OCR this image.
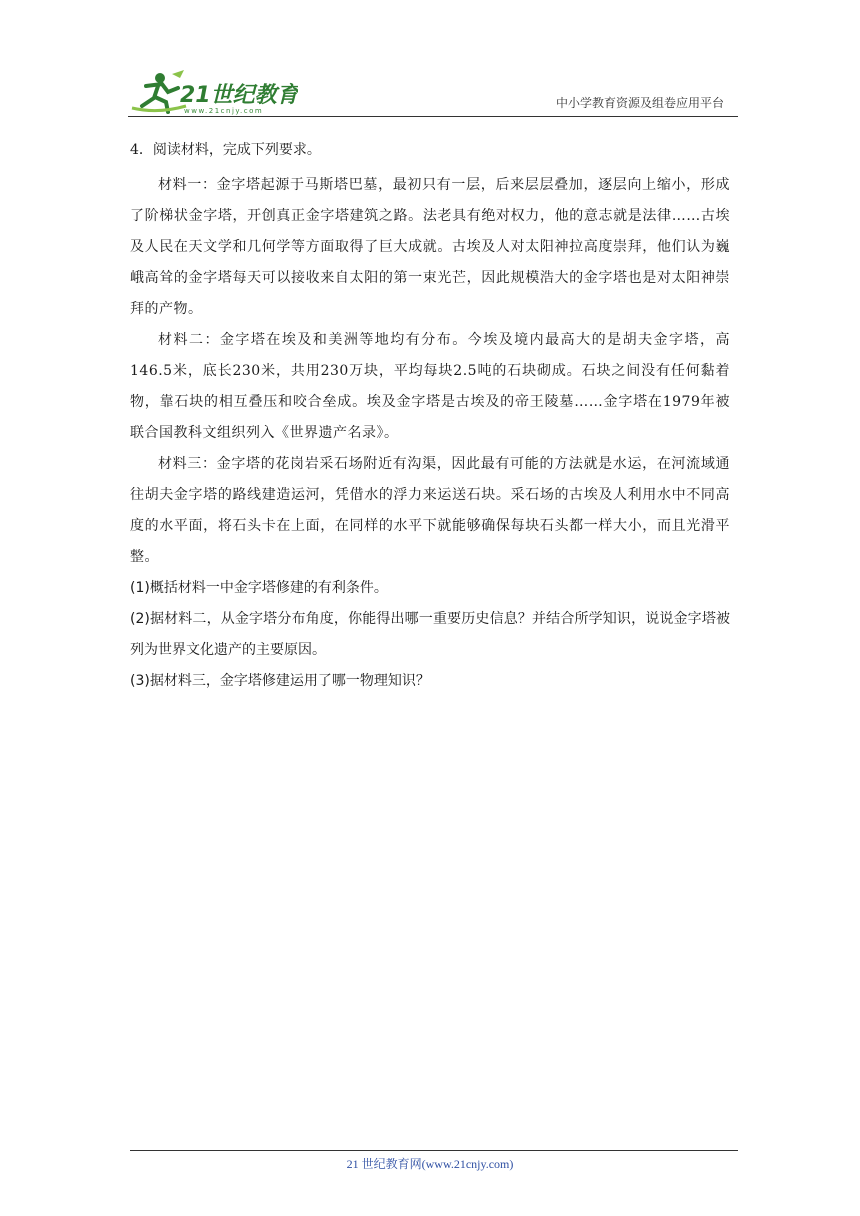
21世纪教育
www.21cnjy.com
中小学教育资源及组卷应用平台

4．阅读材料，完成下列要求。

材料一：金字塔起源于马斯塔巴墓，最初只有一层，后来层层叠加，逐层向上缩小，形成了阶梯状金字塔，开创真正金字塔建筑之路。法老具有绝对权力，他的意志就是法律……古埃及人民在天文学和几何学等方面取得了巨大成就。古埃及人对太阳神拉高度崇拜，他们认为巍峨高耸的金字塔每天可以接收来自太阳的第一束光芒，因此规模浩大的金字塔也是对太阳神崇拜的产物。

材料二：金字塔在埃及和美洲等地均有分布。今埃及境内最高大的是胡夫金字塔，高146.5米，底长230米，共用230万块，平均每块2.5吨的石块砌成。石块之间没有任何黏着物，靠石块的相互叠压和咬合垒成。埃及金字塔是古埃及的帝王陵墓……金字塔在1979年被联合国教科文组织列入《世界遗产名录》。

材料三：金字塔的花岗岩采石场附近有沟渠，因此最有可能的方法就是水运，在河流域通往胡夫金字塔的路线建造运河，凭借水的浮力来运送石块。采石场的古埃及人利用水中不同高度的水平面，将石头卡在上面，在同样的水平下就能够确保每块石头都一样大小，而且光滑平整。

(1)概括材料一中金字塔修建的有利条件。

(2)据材料二，从金字塔分布角度，你能得出哪一重要历史信息？并结合所学知识，说说金字塔被列为世界文化遗产的主要原因。

(3)据材料三，金字塔修建运用了哪一物理知识？

21 世纪教育网(www.21cnjy.com)
